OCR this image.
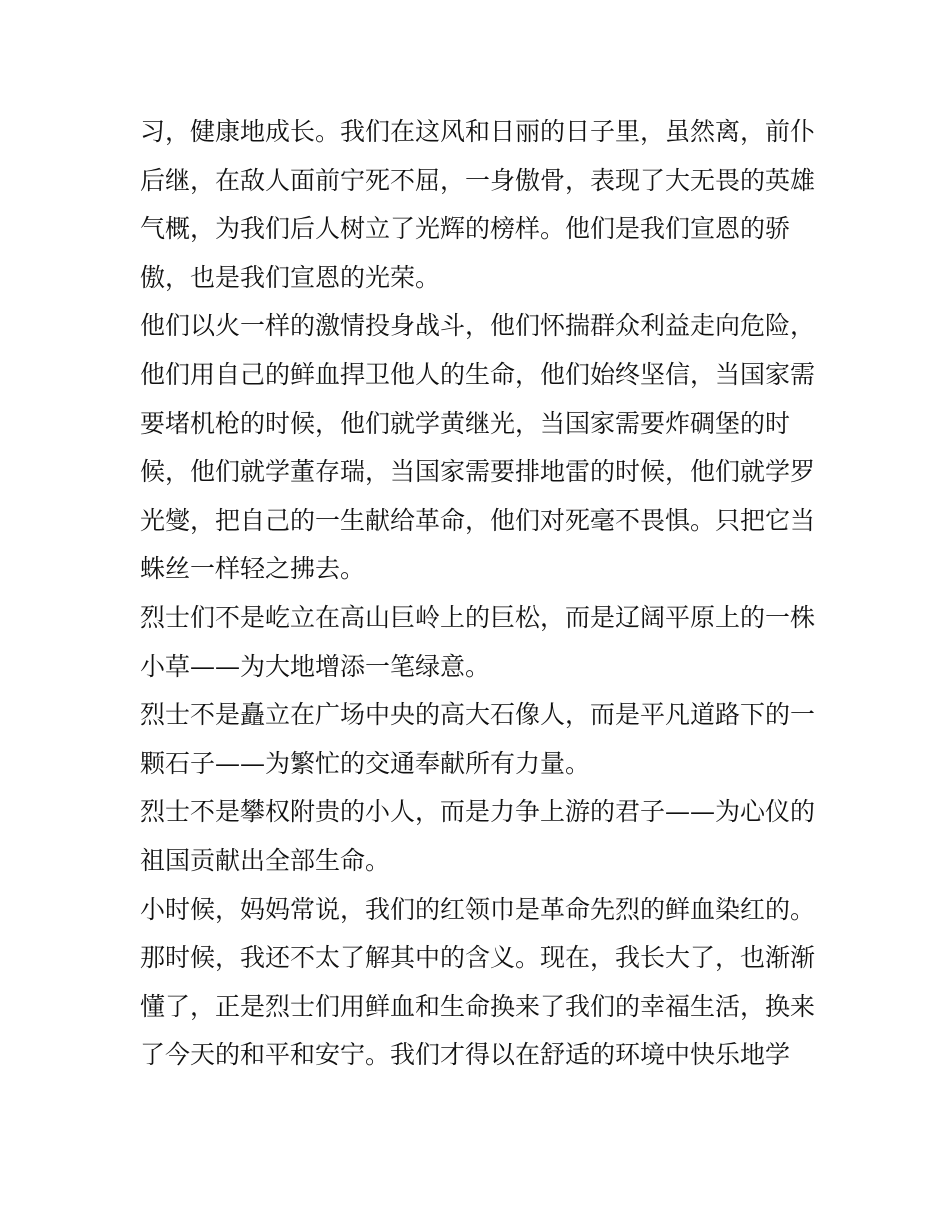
习，健康地成长。我们在这风和日丽的日子里，虽然离，前仆
后继，在敌人面前宁死不屈，一身傲骨，表现了大无畏的英雄
气概，为我们后人树立了光辉的榜样。他们是我们宣恩的骄
傲，也是我们宣恩的光荣。
他们以火一样的激情投身战斗，他们怀揣群众利益走向危险，
他们用自己的鲜血捍卫他人的生命，他们始终坚信，当国家需
要堵机枪的时候，他们就学黄继光，当国家需要炸碉堡的时
候，他们就学董存瑞，当国家需要排地雷的时候，他们就学罗
光燮，把自己的一生献给革命，他们对死毫不畏惧。只把它当
蛛丝一样轻之拂去。
烈士们不是屹立在高山巨岭上的巨松，而是辽阔平原上的一株
小草——为大地增添一笔绿意。
烈士不是矗立在广场中央的高大石像人，而是平凡道路下的一
颗石子——为繁忙的交通奉献所有力量。
烈士不是攀权附贵的小人，而是力争上游的君子——为心仪的
祖国贡献出全部生命。
小时候，妈妈常说，我们的红领巾是革命先烈的鲜血染红的。
那时候，我还不太了解其中的含义。现在，我长大了，也渐渐
懂了，正是烈士们用鲜血和生命换来了我们的幸福生活，换来
了今天的和平和安宁。我们才得以在舒适的环境中快乐地学
